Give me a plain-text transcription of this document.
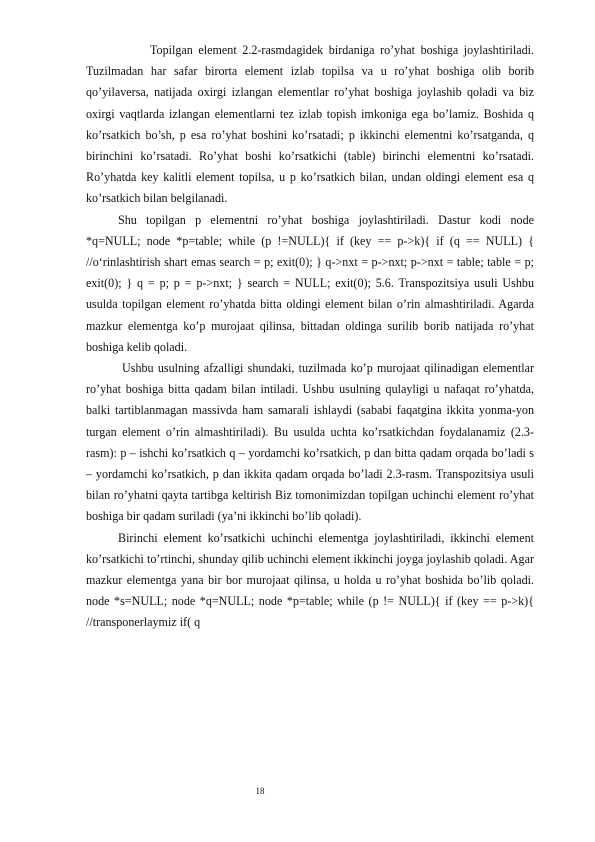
Topilgan element 2.2-rasmdagidek birdaniga ro’yhat boshiga joylashtiriladi. Tuzilmadan har safar birorta element izlab topilsa va u ro’yhat boshiga olib borib qo’yilaversa, natijada oxirgi izlangan elementlar ro’yhat boshiga joylashib qoladi va biz oxirgi vaqtlarda izlangan elementlarni tez izlab topish imkoniga ega bo’lamiz. Boshida q ko’rsatkich bo’sh, p esa ro’yhat boshini ko’rsatadi; p ikkinchi elementni ko’rsatganda, q birinchini ko’rsatadi. Ro’yhat boshi ko’rsatkichi (table) birinchi elementni ko’rsatadi. Ro’yhatda key kalitli element topilsa, u p ko’rsatkich bilan, undan oldingi element esa q ko’rsatkich bilan belgilanadi.

Shu topilgan p elementni ro’yhat boshiga joylashtiriladi. Dastur kodi node *q=NULL; node *p=table; while (p !=NULL){ if (key == p->k){ if (q == NULL) { //o‘rinlashtirish shart emas search = p; exit(0); } q->nxt = p->nxt; p->nxt = table; table = p; exit(0); } q = p; p = p->nxt; } search = NULL; exit(0); 5.6. Transpozitsiya usuli Ushbu usulda topilgan element ro’yhatda bitta oldingi element bilan o’rin almashtiriladi. Agarda mazkur elementga ko’p murojaat qilinsa, bittadan oldinga surilib borib natijada ro’yhat boshiga kelib qoladi.

Ushbu usulning afzalligi shundaki, tuzilmada ko’p murojaat qilinadigan elementlar ro’yhat boshiga bitta qadam bilan intiladi. Ushbu usulning qulayligi u nafaqat ro’yhatda, balki tartiblanmagan massivda ham samarali ishlaydi (sababi faqatgina ikkita yonma-yon turgan element o’rin almashtiriladi). Bu usulda uchta ko’rsatkichdan foydalanamiz (2.3-rasm): p – ishchi ko’rsatkich q – yordamchi ko’rsatkich, p dan bitta qadam orqada bo’ladi s – yordamchi ko’rsatkich, p dan ikkita qadam orqada bo’ladi 2.3-rasm. Transpozitsiya usuli bilan ro’yhatni qayta tartibga keltirish Biz tomonimizdan topilgan uchinchi element ro’yhat boshiga bir qadam suriladi (ya’ni ikkinchi bo’lib qoladi).

Birinchi element ko’rsatkichi uchinchi elementga joylashtiriladi, ikkinchi element ko’rsatkichi to’rtinchi, shunday qilib uchinchi element ikkinchi joyga joylashib qoladi. Agar mazkur elementga yana bir bor murojaat qilinsa, u holda u ro’yhat boshida bo’lib qoladi. node *s=NULL; node *q=NULL; node *p=table; while (p != NULL){ if (key == p->k){ //transponerlaymiz if( q

18
